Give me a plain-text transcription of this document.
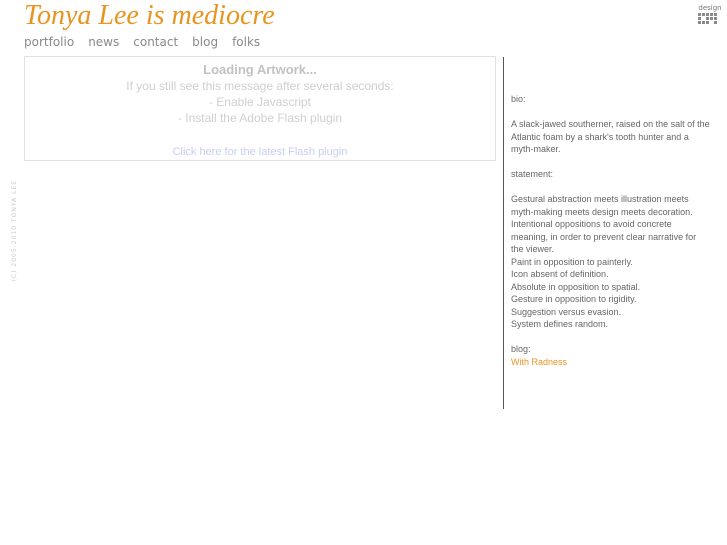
Tonya Lee is mediocre
portfolio news contact blog folks
design
(C) 2005-2010 TONYA LEE
Loading Artwork...
If you still see this message after several seconds:
- Enable Javascript
- Install the Adobe Flash plugin
Click here for the latest Flash plugin

bio:

A slack-jawed southerner, raised on the salt of the Atlantic foam by a shark's tooth hunter and a myth-maker.

statement:

Gestural abstraction meets illustration meets myth-making meets design meets decoration.

Intentional oppositions to avoid concrete meaning, in order to prevent clear narrative for the viewer.

Paint in opposition to painterly.

Icon absent of definition.

Absolute in opposition to spatial.

Gesture in opposition to rigidity.

Suggestion versus evasion.

System defines random.

blog:

With Radness
